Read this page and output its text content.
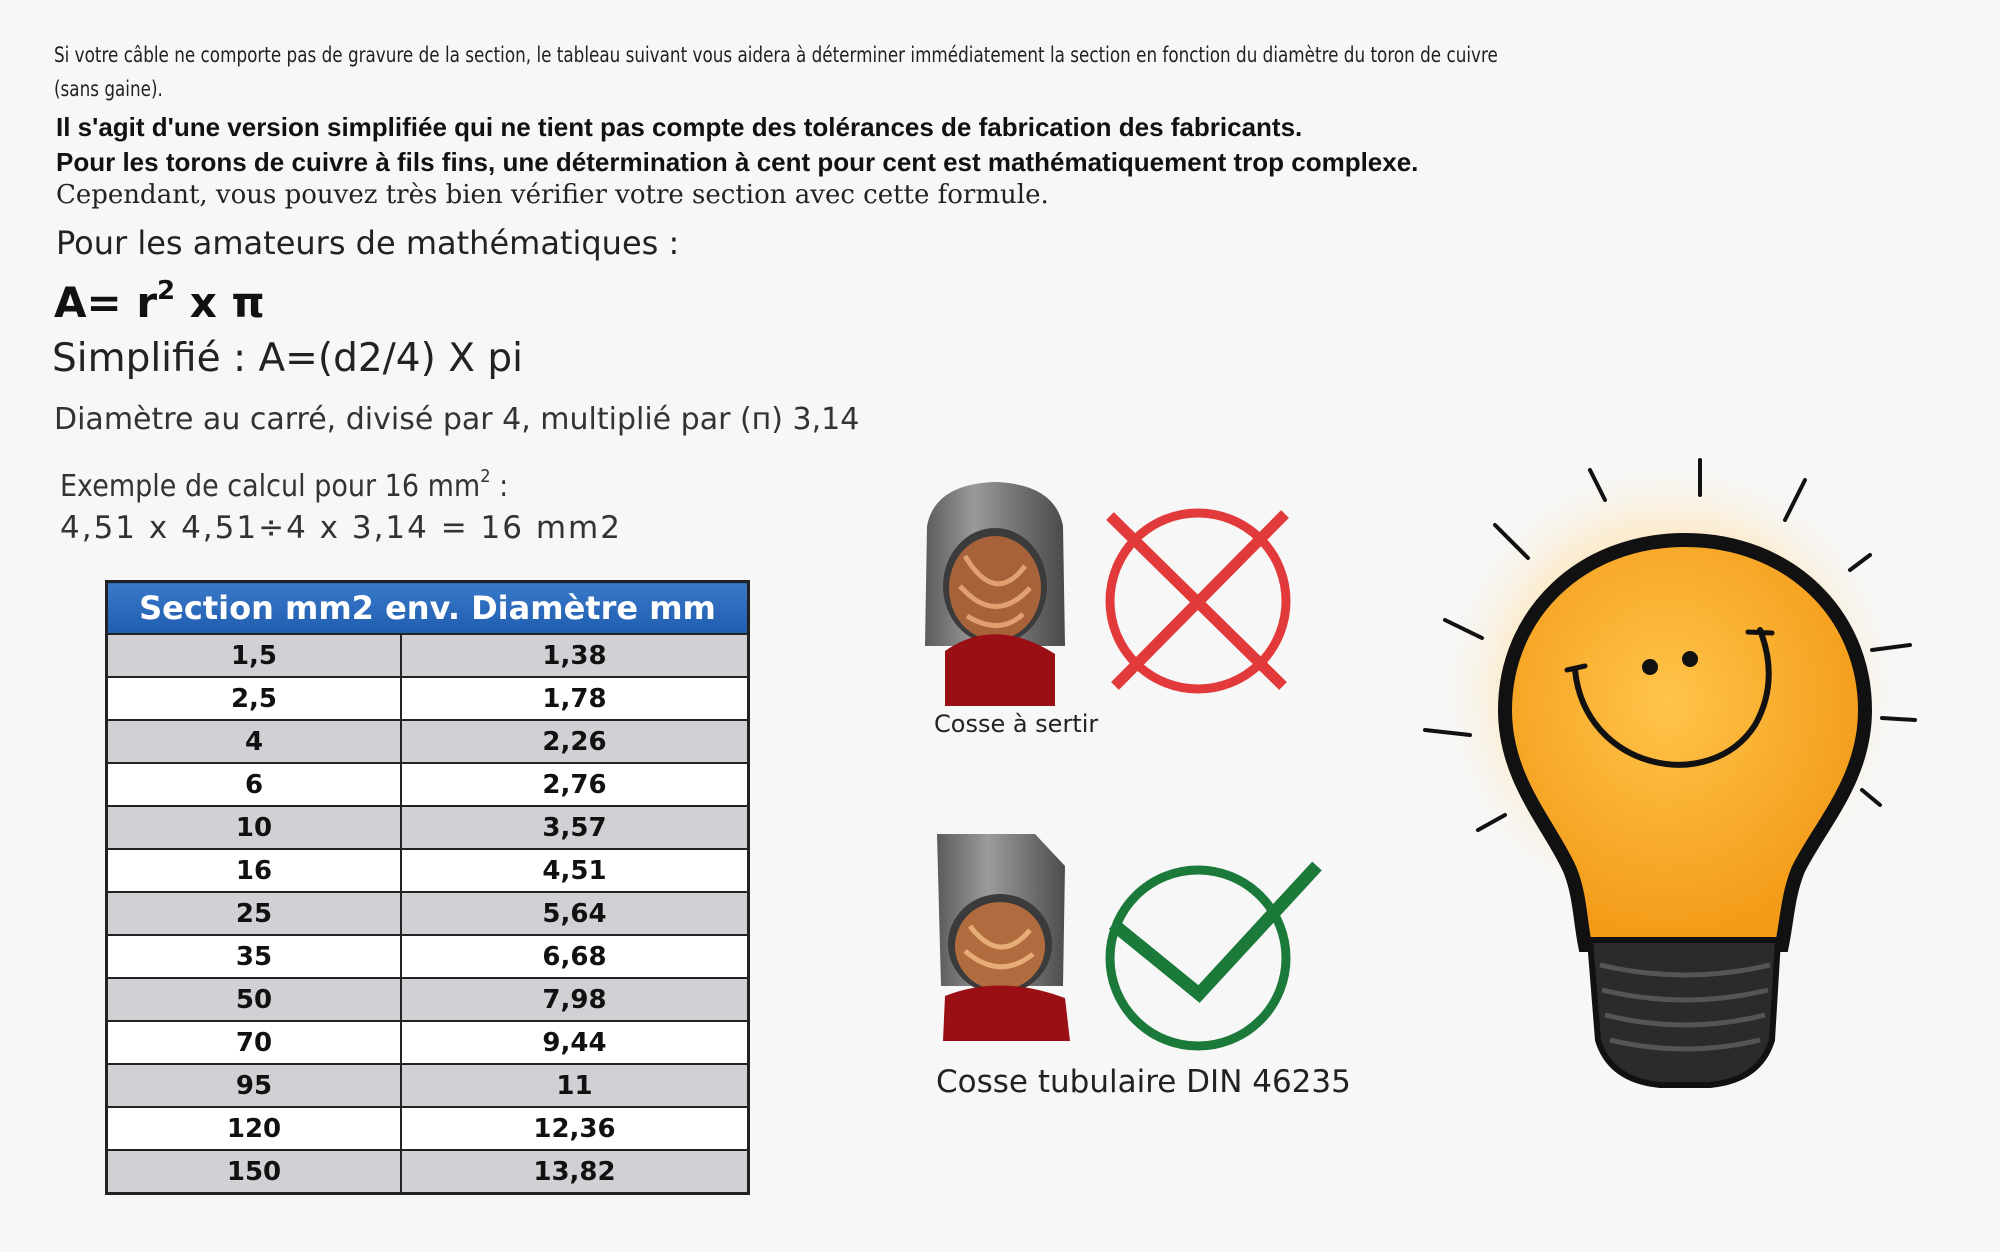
Si votre câble ne comporte pas de gravure de la section, le tableau suivant vous aidera à déterminer immédiatement la section en fonction du diamètre du toron de cuivre
(sans gaine).
Il s'agit d'une version simplifiée qui ne tient pas compte des tolérances de fabrication des fabricants.
Pour les torons de cuivre à fils fins, une détermination à cent pour cent est mathématiquement trop complexe.
Cependant, vous pouvez très bien vérifier votre section avec cette formule.
Pour les amateurs de mathématiques :
$A= r^2$ x π
Simplifié : A=(d2/4) X pi
Diamètre au carré, divisé par 4, multiplié par (п) 3,14
Exemple de calcul pour 16 $mm^2$ :
4,51 x 4,51÷4 x 3,14 = 16 mm2
Section mm2 env. Diamètre mm	
1,5	1,38
2,5	1,78
4	2,26
6	2,76
10	3,57
16	4,51
25	5,64
35	6,68
50	7,98
70	9,44
95	11
120	12,36
150	13,82
Cosse à sertir
Cosse tubulaire DIN 46235
